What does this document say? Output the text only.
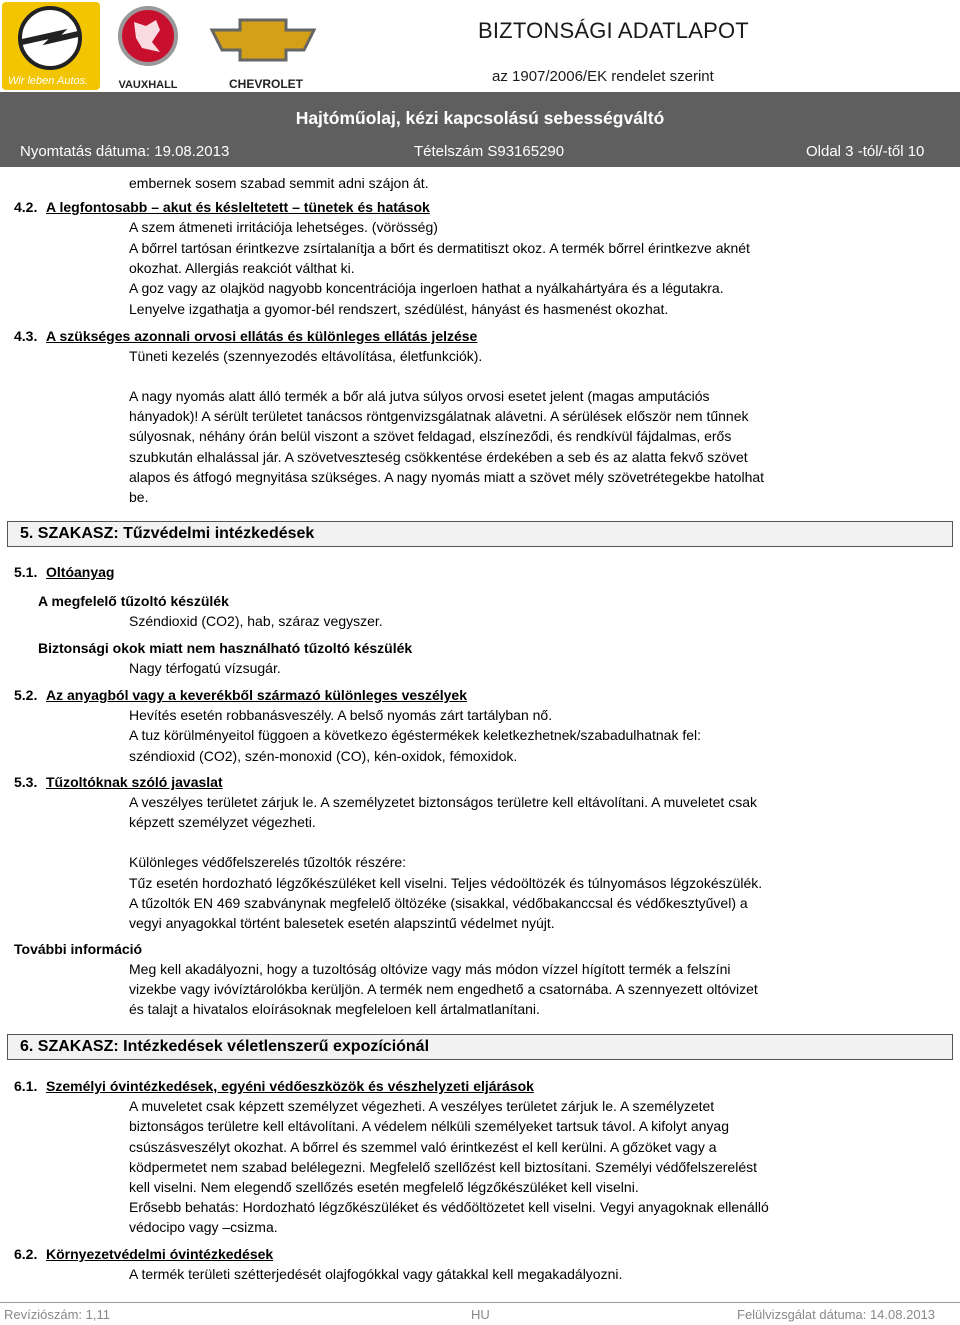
Wir leben Autos.	VAUXHALL	CHEVROLET
BIZTONSÁGI ADATLAPOT
az 1907/2006/EK rendelet szerint
Hajtóműolaj, kézi kapcsolású sebességváltó
Nyomtatás dátuma: 19.08.2013	Tételszám S93165290	Oldal 3 -tól/-től 10
embernek sosem szabad semmit adni szájon át.
4.2. A legfontosabb – akut és késleltetett – tünetek és hatások
A szem átmeneti irritációja lehetséges. (vörösség)
A bőrrel tartósan érintkezve zsírtalanítja a bőrt és dermatitiszt okoz. A termék bőrrel érintkezve aknét
okozhat. Allergiás reakciót válthat ki.
A goz vagy az olajköd nagyobb koncentrációja ingerloen hathat a nyálkahártyára és a légutakra.
Lenyelve izgathatja a gyomor-bél rendszert, szédülést, hányást és hasmenést okozhat.
4.3. A szükséges azonnali orvosi ellátás és különleges ellátás jelzése
Tüneti kezelés (szennyezodés eltávolítása, életfunkciók).
A nagy nyomás alatt álló termék a bőr alá jutva súlyos orvosi esetet jelent (magas amputációs
hányadok)! A sérült területet tanácsos röntgenvizsgálatnak alávetni. A sérülések először nem tűnnek
súlyosnak, néhány órán belül viszont a szövet feldagad, elszíneződi, és rendkívül fájdalmas, erős
szubkután elhalással jár. A szövetveszteség csökkentése érdekében a seb és az alatta fekvő szövet
alapos és átfogó megnyitása szükséges. A nagy nyomás miatt a szövet mély szövetrétegekbe hatolhat
be.
5. SZAKASZ: Tűzvédelmi intézkedések
5.1. Oltóanyag
A megfelelő tűzoltó készülék
Széndioxid (CO2), hab, száraz vegyszer.
Biztonsági okok miatt nem használható tűzoltó készülék
Nagy térfogatú vízsugár.
5.2. Az anyagból vagy a keverékből származó különleges veszélyek
Hevítés esetén robbanásveszély. A belső nyomás zárt tartályban nő.
A tuz körülményeitol függoen a következo égéstermékek keletkezhetnek/szabadulhatnak fel:
széndioxid (CO2), szén-monoxid (CO), kén-oxidok, fémoxidok.
5.3. Tűzoltóknak szóló javaslat
A veszélyes területet zárjuk le. A személyzetet biztonságos területre kell eltávolítani. A muveletet csak
képzett személyzet végezheti.
Különleges védőfelszerelés tűzoltók részére:
Tűz esetén hordozható légzőkészüléket kell viselni. Teljes védoöltözék és túlnyomásos légzokészülék.
A tűzoltók EN 469 szabványnak megfelelő öltözéke (sisakkal, védőbakanccsal és védőkesztyűvel) a
vegyi anyagokkal történt balesetek esetén alapszintű védelmet nyújt.
További információ
Meg kell akadályozni, hogy a tuzoltóság oltóvize vagy más módon vízzel hígított termék a felszíni
vizekbe vagy ivóvíztárolókba kerüljön. A termék nem engedhető a csatornába. A szennyezett oltóvizet
és talajt a hivatalos eloírásoknak megfeleloen kell ártalmatlanítani.
6. SZAKASZ: Intézkedések véletlenszerű expozíciónál
6.1. Személyi óvintézkedések, egyéni védőeszközök és vészhelyzeti eljárások
A muveletet csak képzett személyzet végezheti. A veszélyes területet zárjuk le. A személyzetet
biztonságos területre kell eltávolítani. A védelem nélküli személyeket tartsuk távol. A kifolyt anyag
csúszásveszélyt okozhat. A bőrrel és szemmel való érintkezést el kell kerülni. A gőzöket vagy a
ködpermetet nem szabad belélegezni. Megfelelő szellőzést kell biztosítani. Személyi védőfelszerelést
kell viselni. Nem elegendő szellőzés esetén megfelelő légzőkészüléket kell viselni.
Erősebb behatás: Hordozható légzőkészüléket és védőöltözetet kell viselni. Vegyi anyagoknak ellenálló
védocipo vagy –csizma.
6.2. Környezetvédelmi óvintézkedések
A termék területi szétterjedését olajfogókkal vagy gátakkal kell megakadályozni.
Revíziószám: 1,11	HU	Felülvizsgálat dátuma: 14.08.2013
